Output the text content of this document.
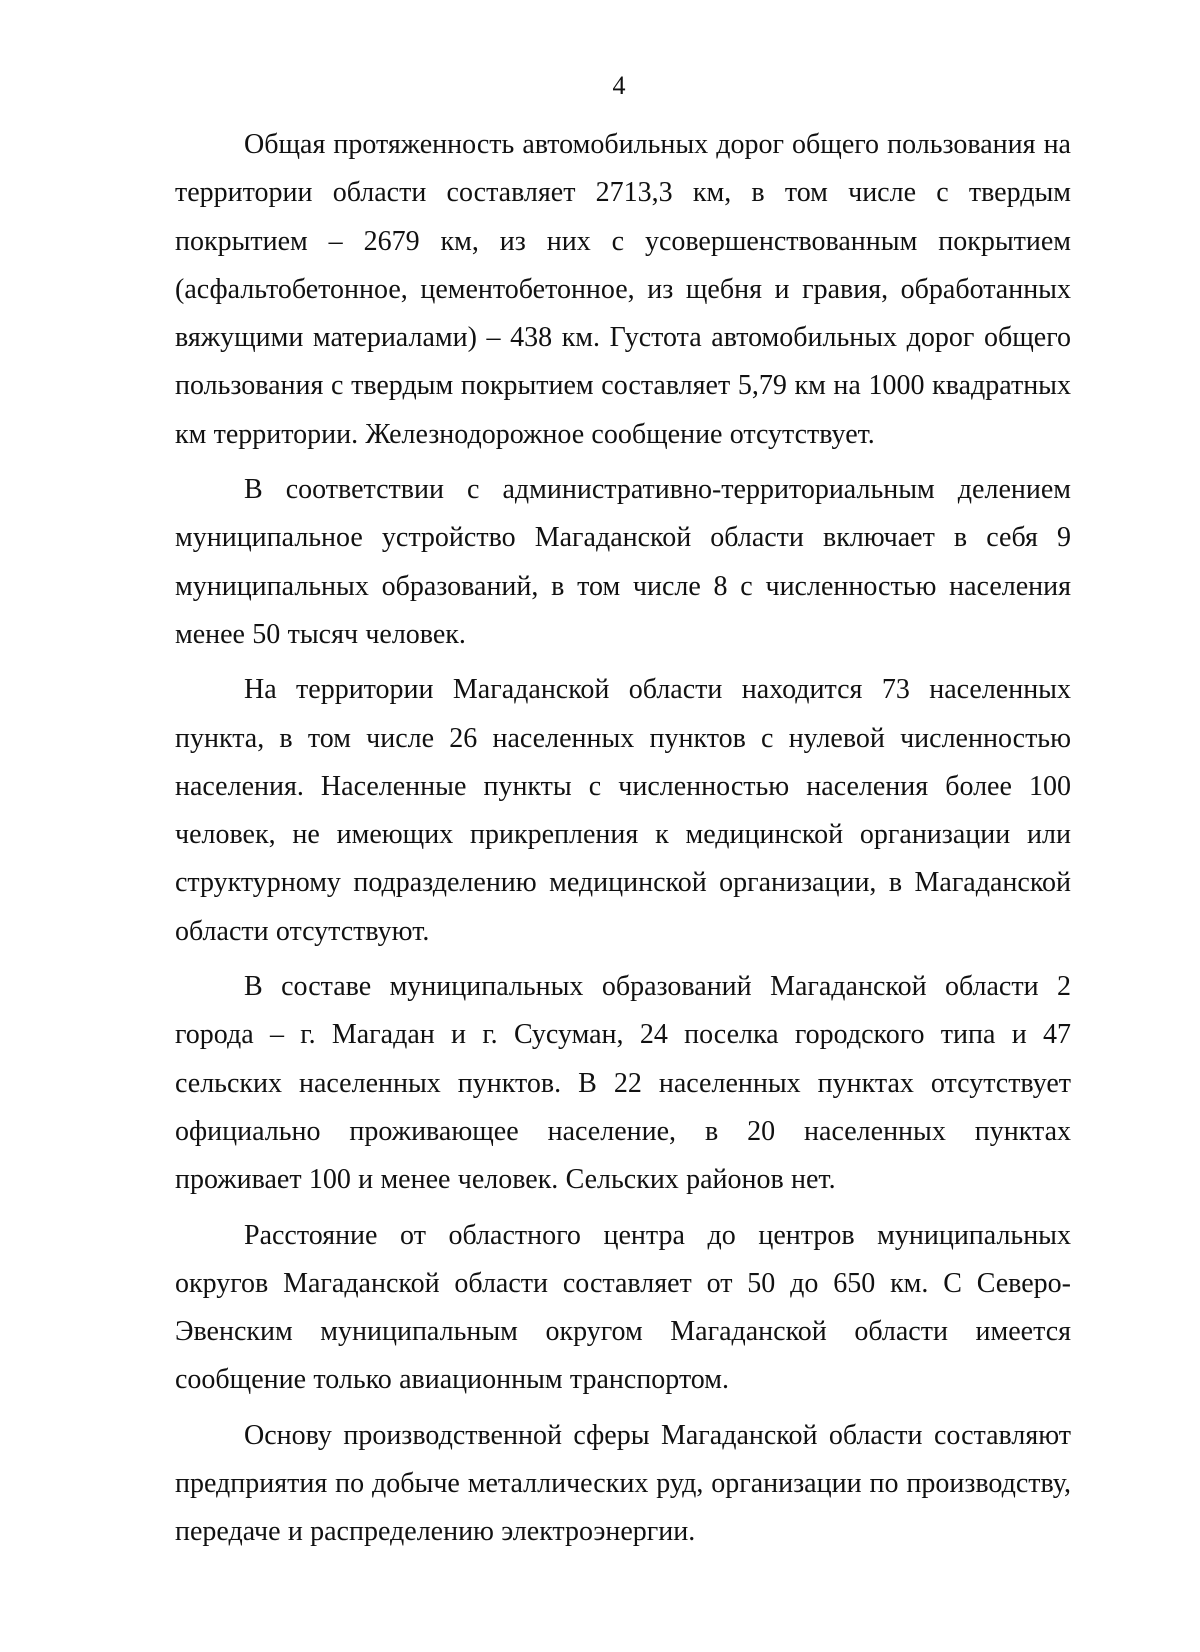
4

Общая протяженность автомобильных дорог общего пользования на территории области составляет 2713,3 км, в том числе с твердым покрытием – 2679 км, из них с усовершенствованным покрытием (асфальтобетонное, цементобетонное, из щебня и гравия, обработанных вяжущими материалами) – 438 км. Густота автомобильных дорог общего пользования с твердым покрытием составляет 5,79 км на 1000 квадратных км территории. Железнодорожное сообщение отсутствует.

В соответствии с административно-территориальным делением муниципальное устройство Магаданской области включает в себя 9 муниципальных образований, в том числе 8 с численностью населения менее 50 тысяч человек.

На территории Магаданской области находится 73 населенных пункта, в том числе 26 населенных пунктов с нулевой численностью населения. Населенные пункты с численностью населения более 100 человек, не имеющих прикрепления к медицинской организации или структурному подразделению медицинской организации, в Магаданской области отсутствуют.

В составе муниципальных образований Магаданской области 2 города – г. Магадан и г. Сусуман, 24 поселка городского типа и 47 сельских населенных пунктов. В 22 населенных пунктах отсутствует официально проживающее население, в 20 населенных пунктах проживает 100 и менее человек. Сельских районов нет.

Расстояние от областного центра до центров муниципальных округов Магаданской области составляет от 50 до 650 км. С Северо-Эвенским муниципальным округом Магаданской области имеется сообщение только авиационным транспортом.

Основу производственной сферы Магаданской области составляют предприятия по добыче металлических руд, организации по производству, передаче и распределению электроэнергии.
